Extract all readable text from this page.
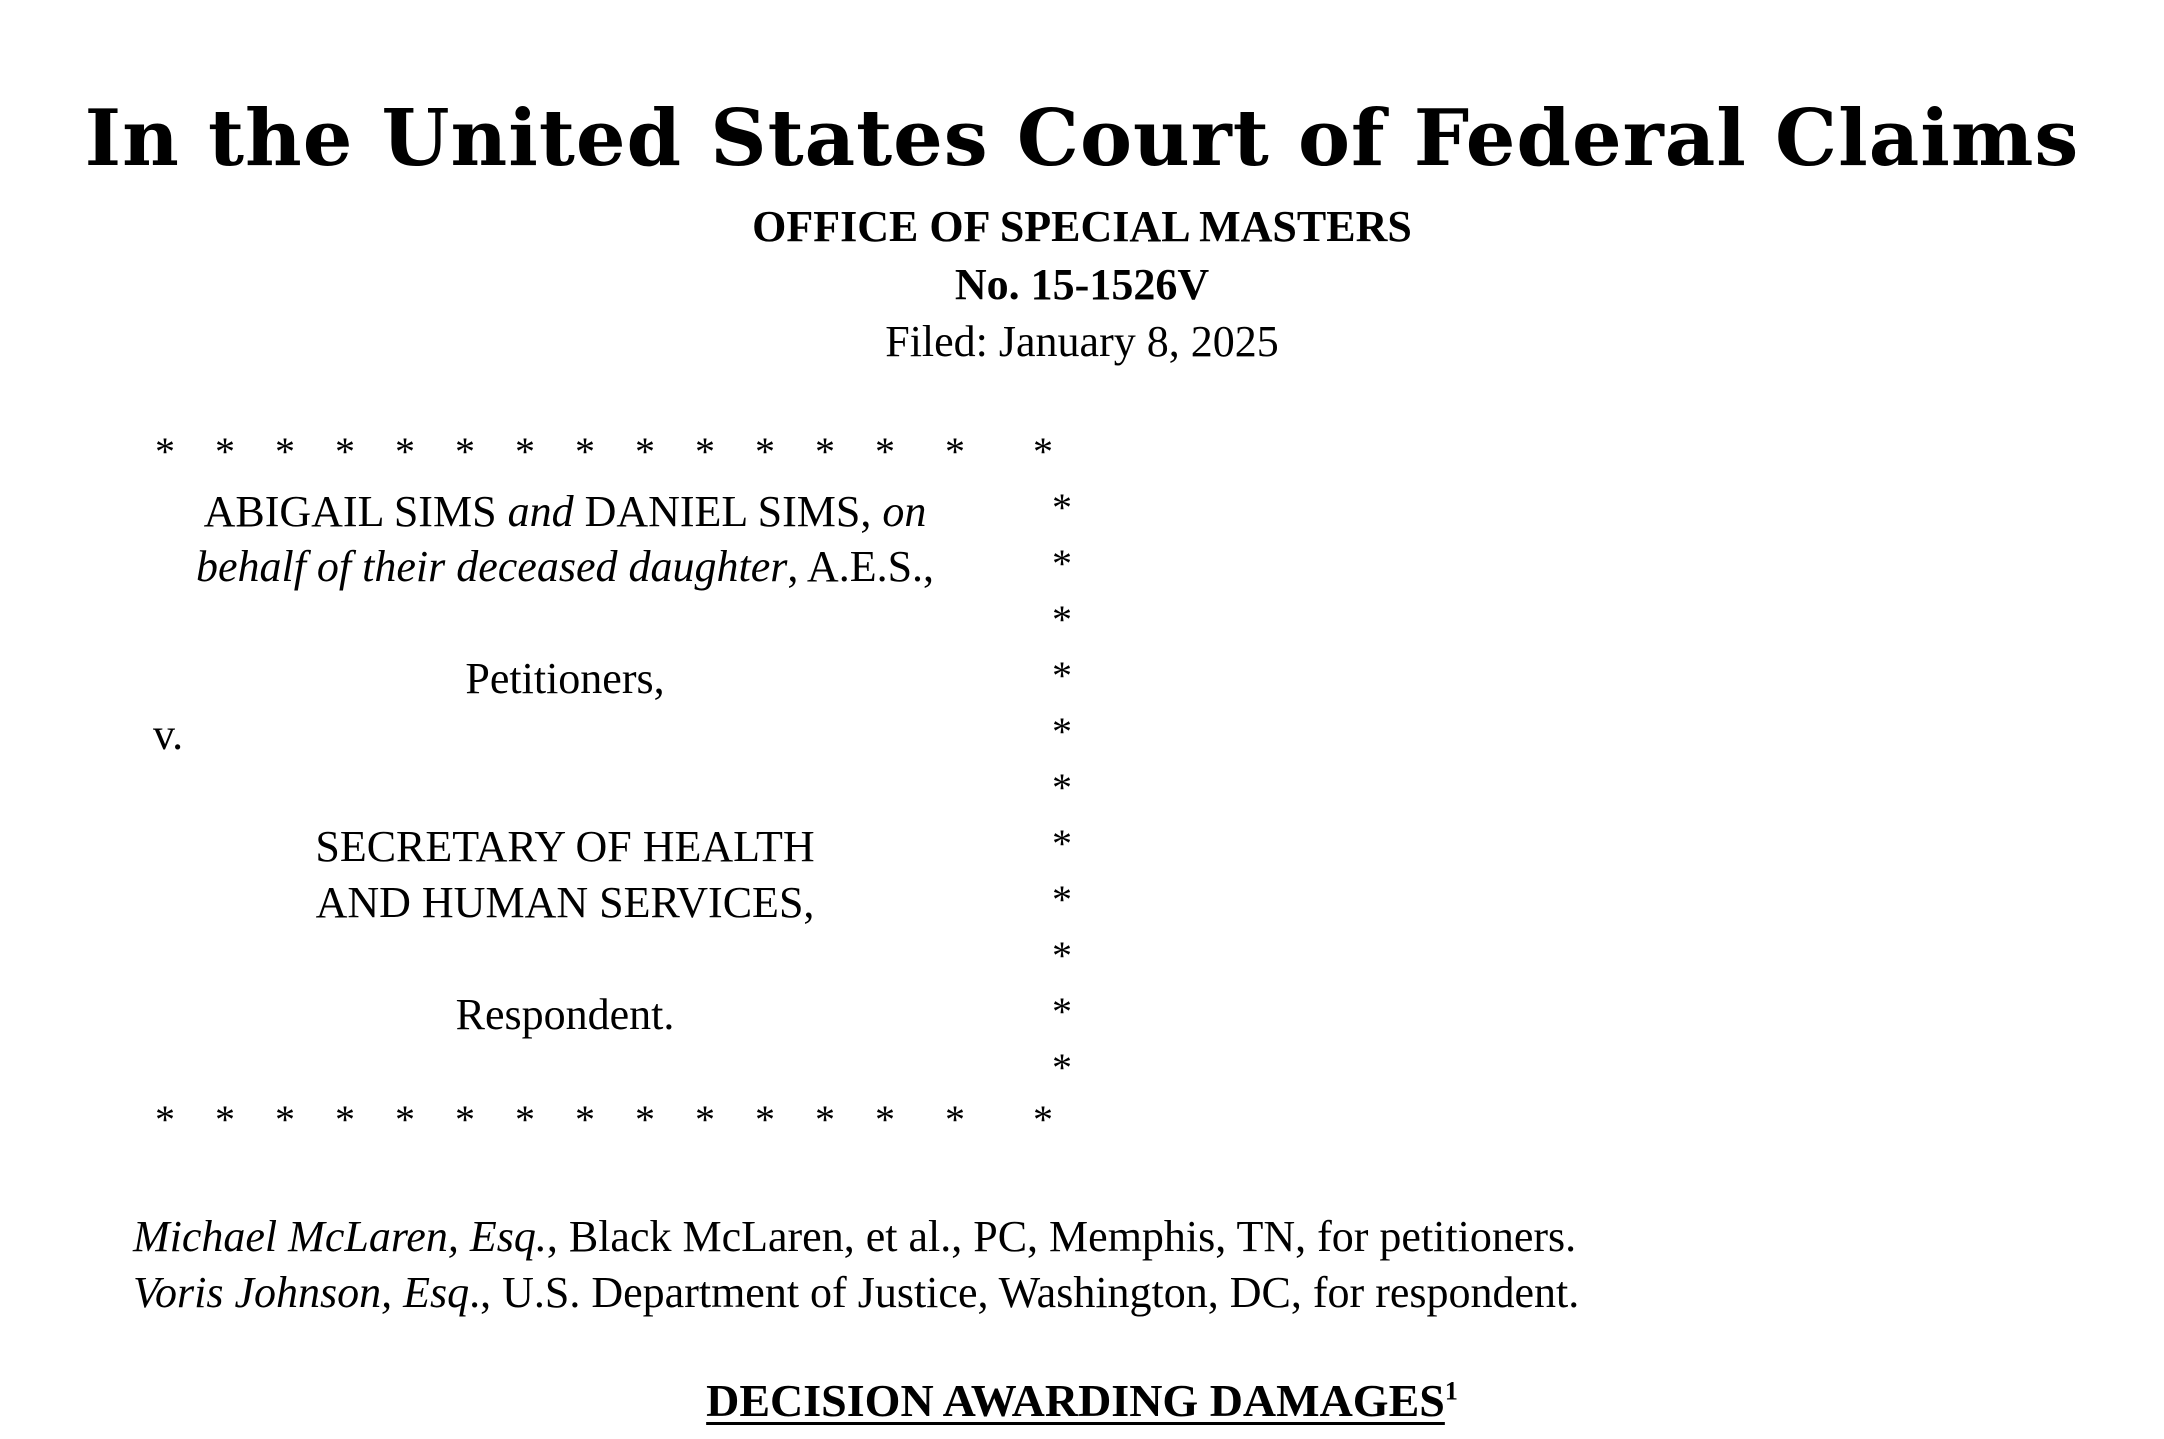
In the United States Court of Federal Claims
OFFICE OF SPECIAL MASTERS
No. 15-1526V
Filed: January 8, 2025
* * * * * * * * * * * * * * *
*
*
*
*
*
*
*
*
*
*
*
* * * * * * * * * * * * * * *
ABIGAIL SIMS and DANIEL SIMS, on
behalf of their deceased daughter, A.E.S.,
Petitioners,
v.
SECRETARY OF HEALTH
AND HUMAN SERVICES,
Respondent.
Michael McLaren, Esq., Black McLaren, et al., PC, Memphis, TN, for petitioners.
Voris Johnson, Esq., U.S. Department of Justice, Washington, DC, for respondent.
DECISION AWARDING DAMAGES$^1$
